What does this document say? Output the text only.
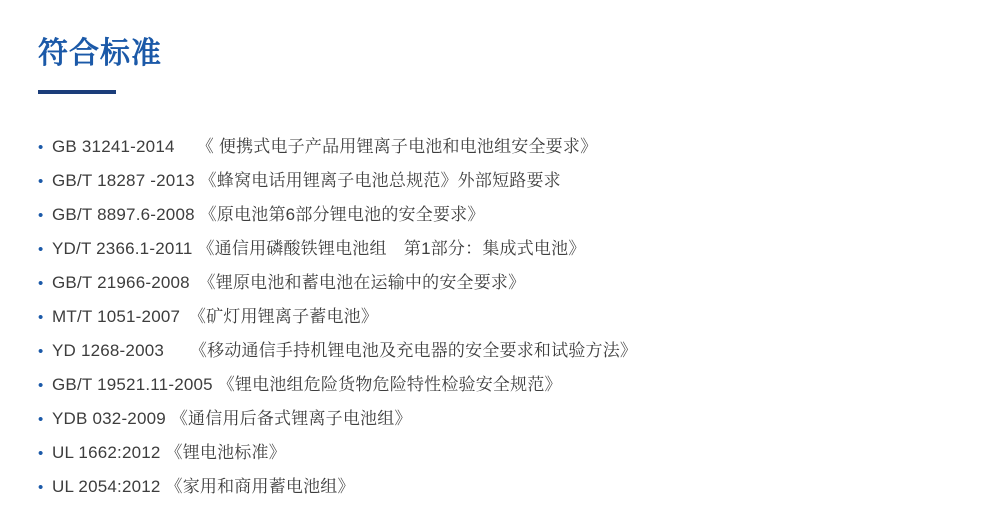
符合标准
• GB 31241-2014　 《 便携式电子产品用锂离子电池和电池组安全要求》
• GB/T 18287 -2013 《蜂窝电话用锂离子电池总规范》外部短路要求
• GB/T 8897.6-2008 《原电池第6部分锂电池的安全要求》
• YD/T 2366.1-2011 《通信用磷酸铁锂电池组　第1部分：集成式电池》
• GB/T 21966-2008　《锂原电池和蓄电池在运输中的安全要求》
• MT/T 1051-2007　《矿灯用锂离子蓄电池》
• YD 1268-2003　　《移动通信手持机锂电池及充电器的安全要求和试验方法》
• GB/T 19521.11-2005 《锂电池组危险货物危险特性检验安全规范》
• YDB 032-2009 《通信用后备式锂离子电池组》
• UL 1662:2012 《锂电池标准》
• UL 2054:2012 《家用和商用蓄电池组》
